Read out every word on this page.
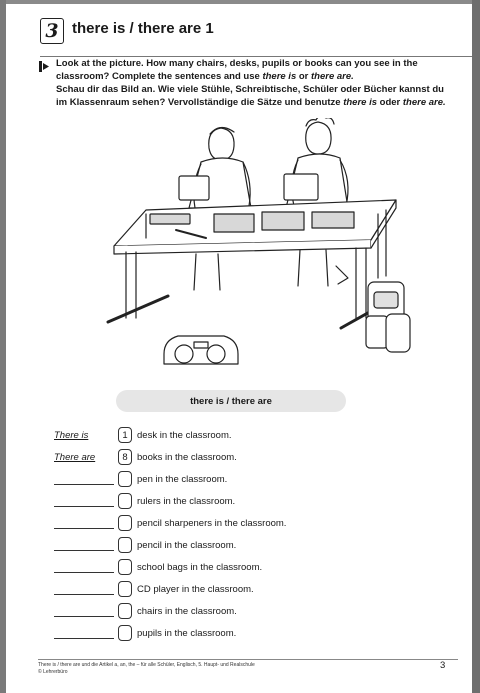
3 there is / there are 1

Look at the picture. How many chairs, desks, pupils or books can you see in the classroom? Complete the sentences and use there is or there are.

Schau dir das Bild an. Wie viele Stühle, Schreibtische, Schüler oder Bücher kannst du im Klassenraum sehen? Vervollständige die Sätze und benutze there is oder there are.

there is / there are
There is	1 desk in the classroom.
There are	8 books in the classroom.
pen in the classroom.
rulers in the classroom.
pencil sharpeners in the classroom.
pencil in the classroom.
school bags in the classroom.
CD player in the classroom.
chairs in the classroom.
pupils in the classroom.
There is / there are und die Artikel a, an, the – für alle Schüler, Englisch, 5. Haupt- und Realschule
© Lehrerbüro
3
